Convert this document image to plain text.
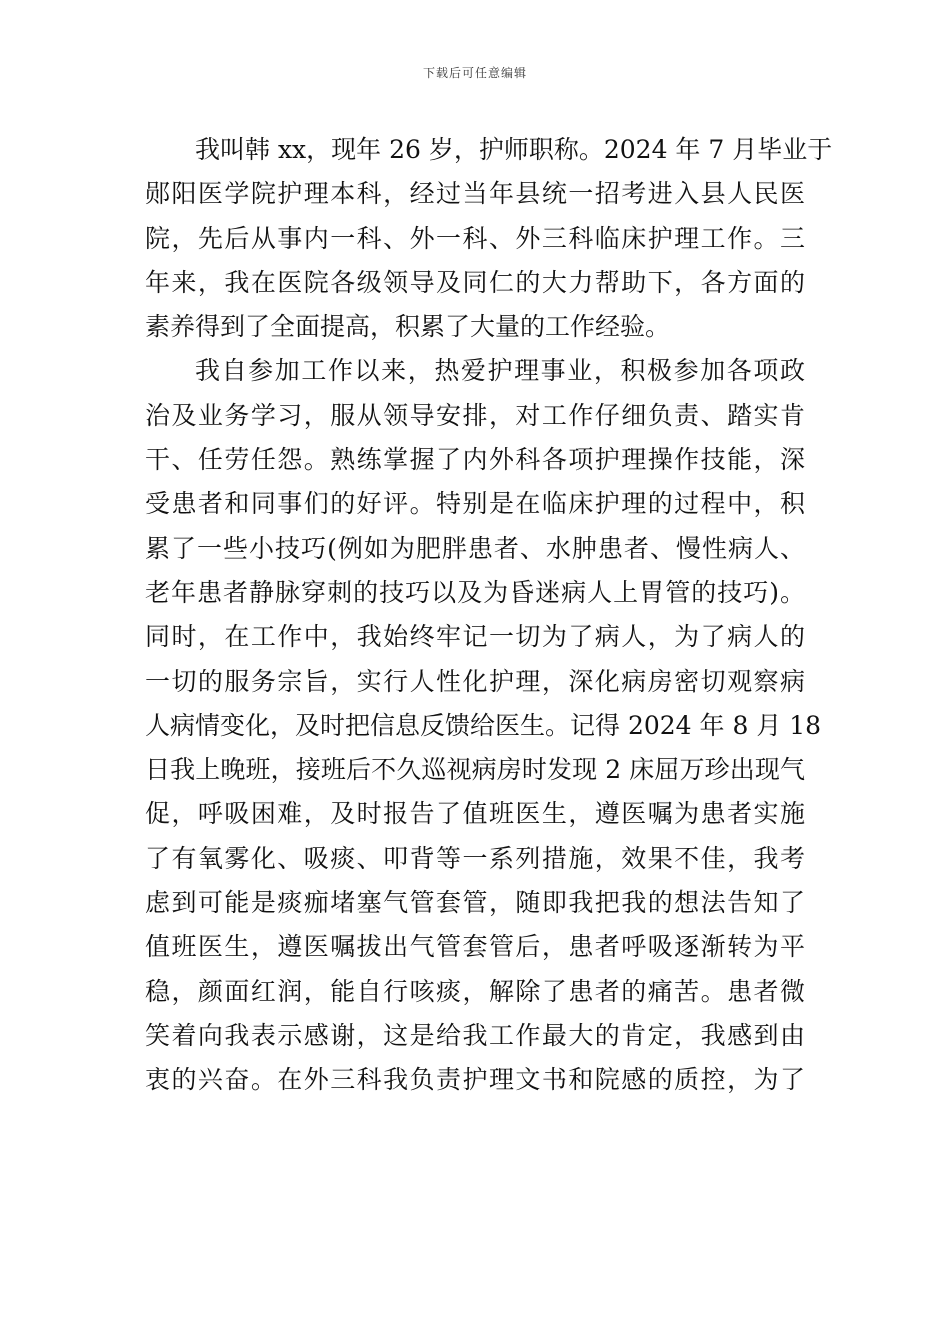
下载后可任意编辑
我叫韩 xx，现年 26 岁，护师职称。2024 年 7 月毕业于
郧阳医学院护理本科，经过当年县统一招考进入县人民医
院，先后从事内一科、外一科、外三科临床护理工作。三
年来，我在医院各级领导及同仁的大力帮助下，各方面的
素养得到了全面提高，积累了大量的工作经验。
我自参加工作以来，热爱护理事业，积极参加各项政
治及业务学习，服从领导安排，对工作仔细负责、踏实肯
干、任劳任怨。熟练掌握了内外科各项护理操作技能，深
受患者和同事们的好评。特别是在临床护理的过程中，积
累了一些小技巧(例如为肥胖患者、水肿患者、慢性病人、
老年患者静脉穿刺的技巧以及为昏迷病人上胃管的技巧)。
同时，在工作中，我始终牢记一切为了病人，为了病人的
一切的服务宗旨，实行人性化护理，深化病房密切观察病
人病情变化，及时把信息反馈给医生。记得 2024 年 8 月 18
日我上晚班，接班后不久巡视病房时发现 2 床屈万珍出现气
促，呼吸困难，及时报告了值班医生，遵医嘱为患者实施
了有氧雾化、吸痰、叩背等一系列措施，效果不佳，我考
虑到可能是痰痂堵塞气管套管，随即我把我的想法告知了
值班医生，遵医嘱拔出气管套管后，患者呼吸逐渐转为平
稳，颜面红润，能自行咳痰，解除了患者的痛苦。患者微
笑着向我表示感谢，这是给我工作最大的肯定，我感到由
衷的兴奋。在外三科我负责护理文书和院感的质控，为了
